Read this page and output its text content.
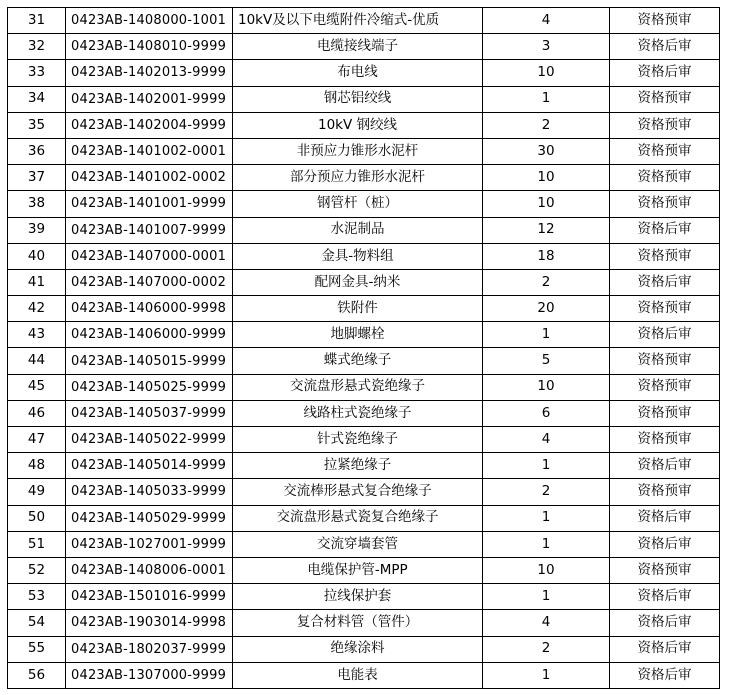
31	0423AB-1408000-1001	10kV及以下电缆附件冷缩式-优质	4	资格预审
32	0423AB-1408010-9999	电缆接线端子	3	资格后审
33	0423AB-1402013-9999	布电线	10	资格后审
34	0423AB-1402001-9999	钢芯铝绞线	1	资格预审
35	0423AB-1402004-9999	10kV 钢绞线	2	资格预审
36	0423AB-1401002-0001	非预应力锥形水泥杆	30	资格预审
37	0423AB-1401002-0002	部分预应力锥形水泥杆	10	资格预审
38	0423AB-1401001-9999	钢管杆（桩）	10	资格预审
39	0423AB-1401007-9999	水泥制品	12	资格后审
40	0423AB-1407000-0001	金具-物料组	18	资格预审
41	0423AB-1407000-0002	配网金具-纳米	2	资格后审
42	0423AB-1406000-9998	铁附件	20	资格预审
43	0423AB-1406000-9999	地脚螺栓	1	资格后审
44	0423AB-1405015-9999	蝶式绝缘子	5	资格预审
45	0423AB-1405025-9999	交流盘形悬式瓷绝缘子	10	资格预审
46	0423AB-1405037-9999	线路柱式瓷绝缘子	6	资格预审
47	0423AB-1405022-9999	针式瓷绝缘子	4	资格预审
48	0423AB-1405014-9999	拉紧绝缘子	1	资格后审
49	0423AB-1405033-9999	交流棒形悬式复合绝缘子	2	资格预审
50	0423AB-1405029-9999	交流盘形悬式瓷复合绝缘子	1	资格后审
51	0423AB-1027001-9999	交流穿墙套管	1	资格后审
52	0423AB-1408006-0001	电缆保护管-MPP	10	资格预审
53	0423AB-1501016-9999	拉线保护套	1	资格后审
54	0423AB-1903014-9998	复合材料管（管件）	4	资格后审
55	0423AB-1802037-9999	绝缘涂料	2	资格后审
56	0423AB-1307000-9999	电能表	1	资格后审
